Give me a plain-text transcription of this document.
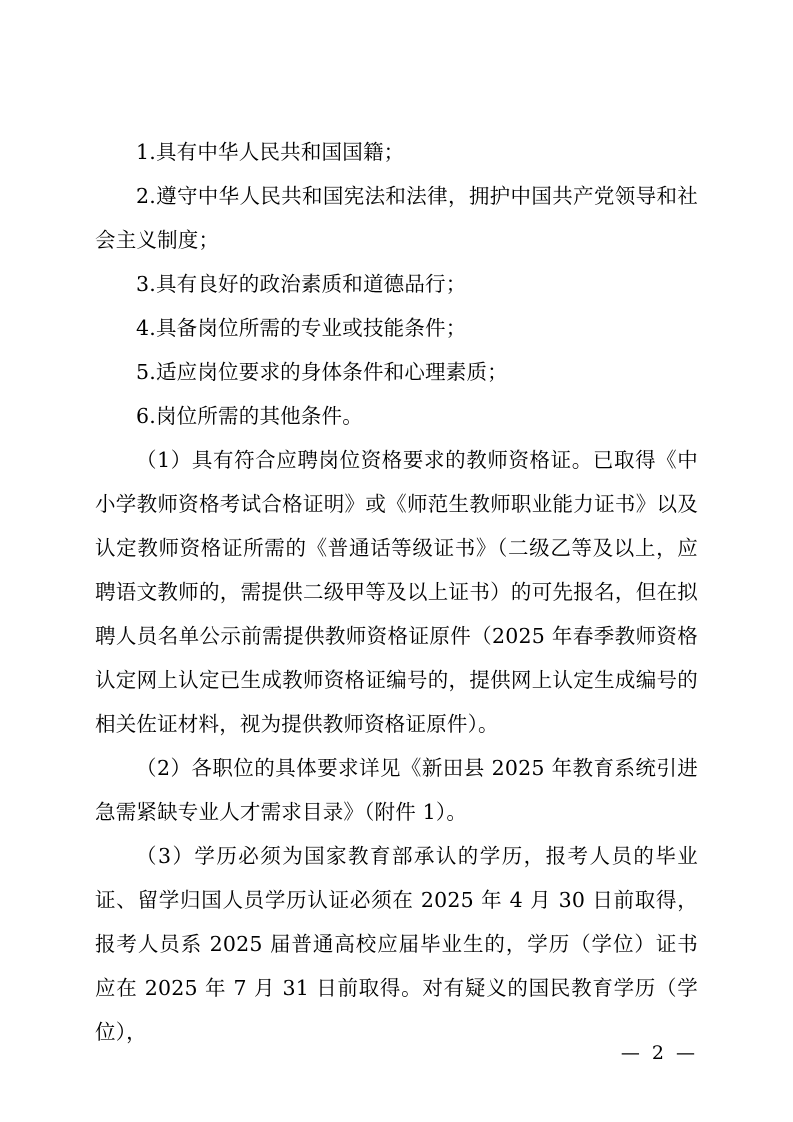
1.具有中华人民共和国国籍；

2.遵守中华人民共和国宪法和法律，拥护中国共产党领导和社会主义制度；

3.具有良好的政治素质和道德品行；

4.具备岗位所需的专业或技能条件；

5.适应岗位要求的身体条件和心理素质；

6.岗位所需的其他条件。

（1）具有符合应聘岗位资格要求的教师资格证。已取得《中小学教师资格考试合格证明》或《师范生教师职业能力证书》以及认定教师资格证所需的《普通话等级证书》（二级乙等及以上，应聘语文教师的，需提供二级甲等及以上证书）的可先报名，但在拟聘人员名单公示前需提供教师资格证原件（2025 年春季教师资格认定网上认定已生成教师资格证编号的，提供网上认定生成编号的相关佐证材料，视为提供教师资格证原件）。

（2）各职位的具体要求详见《新田县 2025 年教育系统引进急需紧缺专业人才需求目录》（附件 1）。

（3）学历必须为国家教育部承认的学历，报考人员的毕业证、留学归国人员学历认证必须在 2025 年 4 月 30 日前取得，报考人员系 2025 届普通高校应届毕业生的，学历（学位）证书应在 2025 年 7 月 31 日前取得。对有疑义的国民教育学历（学位），

— 2 —
